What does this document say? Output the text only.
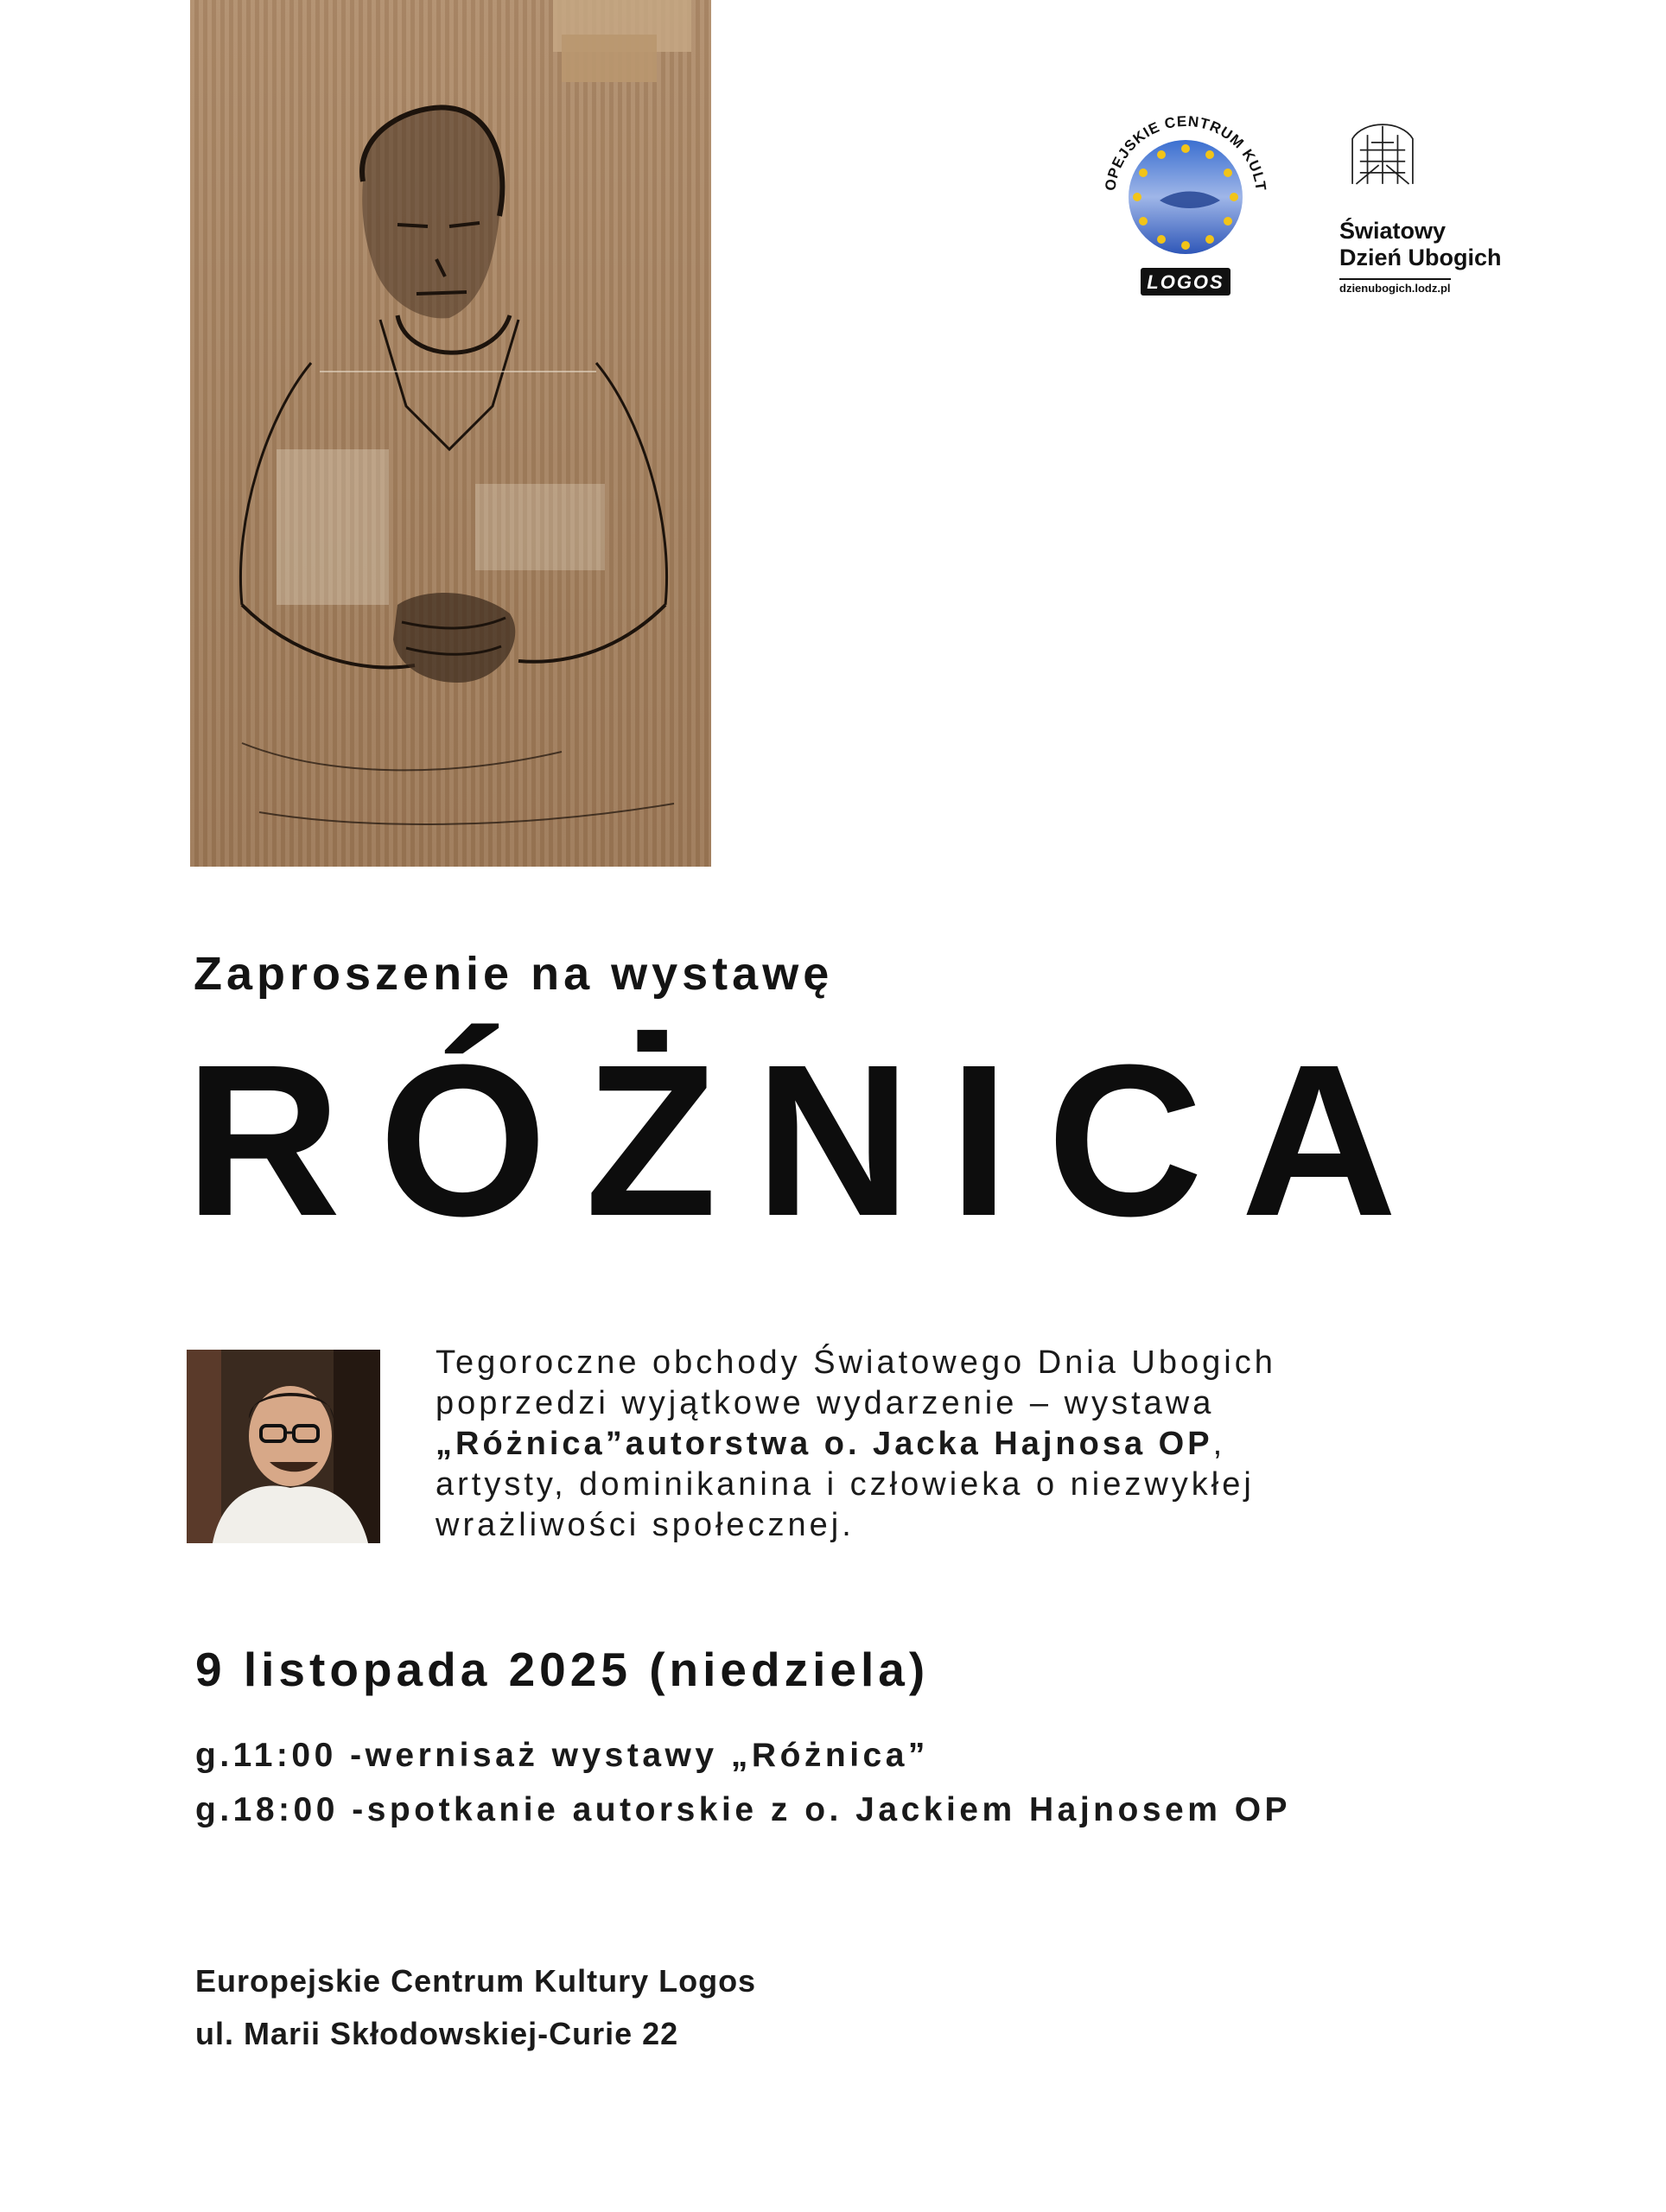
OPEJSKIE CENTRUM KULT
LOGOS
Światowy
Dzień Ubogich
dzienubogich.lodz.pl
Zaproszenie na wystawę
RÓŻNICA
Tegoroczne obchody Światowego Dnia Ubogich
poprzedzi wyjątkowe wydarzenie – wystawa
„Różnica”autorstwa o. Jacka Hajnosa OP,
artysty, dominikanina i człowieka o niezwykłej
wrażliwości społecznej.
9 listopada 2025 (niedziela)
g.11:00 -wernisaż wystawy „Różnica”
g.18:00 -spotkanie autorskie z o. Jackiem Hajnosem OP
Europejskie Centrum Kultury Logos
ul. Marii Skłodowskiej-Curie 22
